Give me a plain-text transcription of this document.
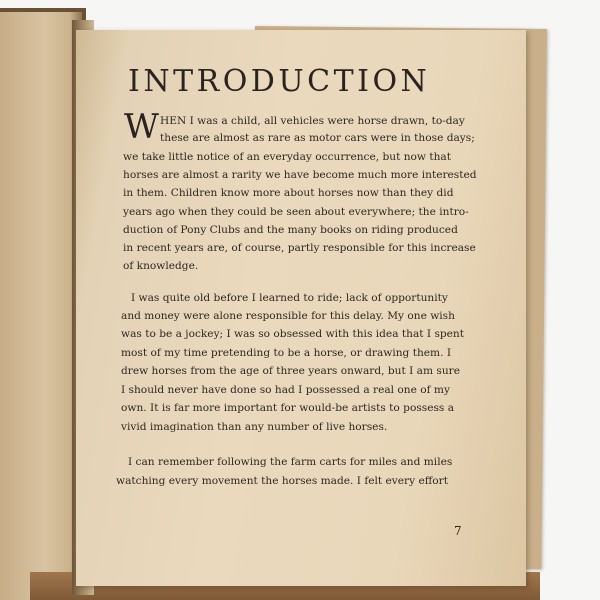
INTRODUCTION
W HEN I was a child, all vehicles were horse drawn, to-day
these are almost as rare as motor cars were in those days;
we take little notice of an everyday occurrence, but now that
horses are almost a rarity we have become much more interested
in them. Children know more about horses now than they did
years ago when they could be seen about everywhere; the intro-
duction of Pony Clubs and the many books on riding produced
in recent years are, of course, partly responsible for this increase
of knowledge.
I was quite old before I learned to ride; lack of opportunity
and money were alone responsible for this delay. My one wish
was to be a jockey; I was so obsessed with this idea that I spent
most of my time pretending to be a horse, or drawing them. I
drew horses from the age of three years onward, but I am sure
I should never have done so had I possessed a real one of my
own. It is far more important for would-be artists to possess a
vivid imagination than any number of live horses.
I can remember following the farm carts for miles and miles
watching every movement the horses made. I felt every effort
7
